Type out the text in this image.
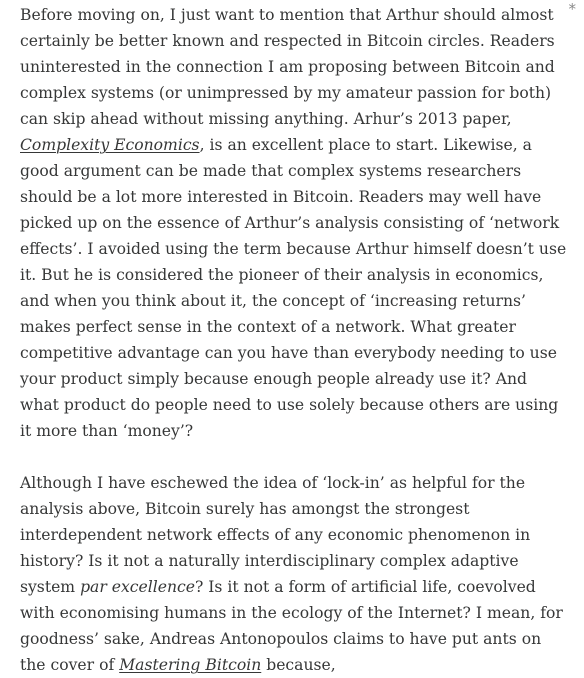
*

Before moving on, I just want to mention that Arthur should almost certainly be better known and respected in Bitcoin circles. Readers uninterested in the connection I am proposing between Bitcoin and complex systems (or unimpressed by my amateur passion for both) can skip ahead without missing anything. Arhur’s 2013 paper, Complexity Economics, is an excellent place to start. Likewise, a good argument can be made that complex systems researchers should be a lot more interested in Bitcoin. Readers may well have picked up on the essence of Arthur’s analysis consisting of ‘network effects’. I avoided using the term because Arthur himself doesn’t use it. But he is considered the pioneer of their analysis in economics, and when you think about it, the concept of ‘increasing returns’ makes perfect sense in the context of a network. What greater competitive advantage can you have than everybody needing to use your product simply because enough people already use it? And what product do people need to use solely because others are using it more than ‘money’?

Although I have eschewed the idea of ‘lock-in’ as helpful for the analysis above, Bitcoin surely has amongst the strongest interdependent network effects of any economic phenomenon in history? Is it not a naturally interdisciplinary complex adaptive system par excellence? Is it not a form of artificial life, coevolved with economising humans in the ecology of the Internet? I mean, for goodness’ sake, Andreas Antonopoulos claims to have put ants on the cover of Mastering Bitcoin because,
